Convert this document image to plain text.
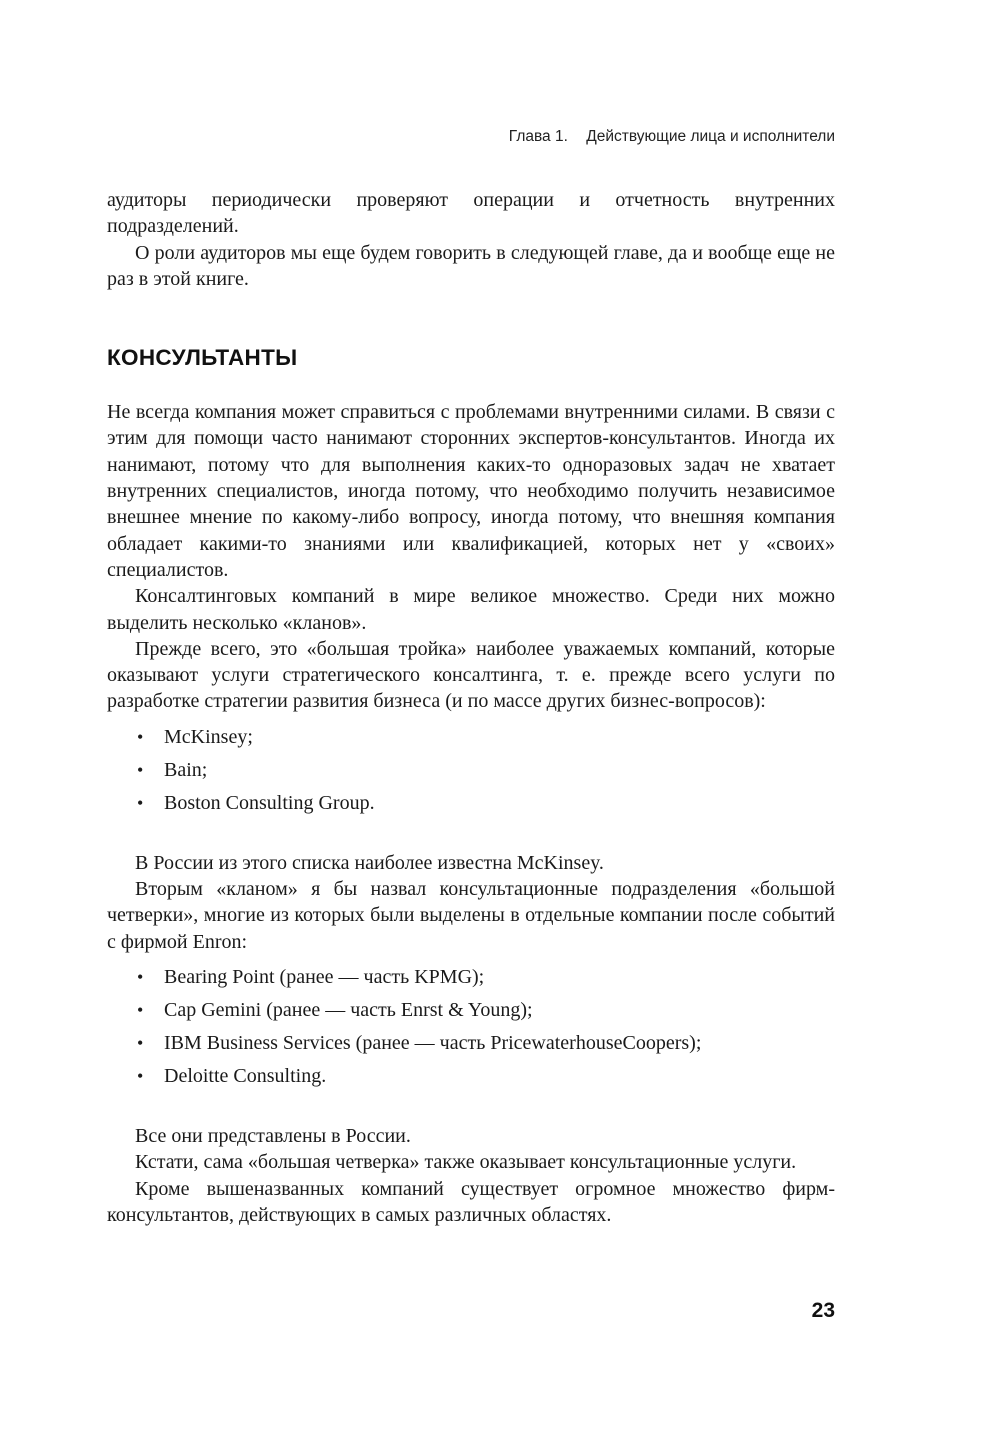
Глава 1. Действующие лица и исполнители

аудиторы периодически проверяют операции и отчетность внутренних подразделений.

О роли аудиторов мы еще будем говорить в следующей главе, да и вообще еще не раз в этой книге.

КОНСУЛЬТАНТЫ

Не всегда компания может справиться с проблемами внутренними силами. В связи с этим для помощи часто нанимают сторонних экспертов-консультантов. Иногда их нанимают, потому что для выполнения каких-то одноразовых задач не хватает внутренних специалистов, иногда потому, что необходимо получить независимое внешнее мнение по какому-либо вопросу, иногда потому, что внешняя компания обладает какими-то знаниями или квалификацией, которых нет у «своих» специалистов.

Консалтинговых компаний в мире великое множество. Среди них можно выделить несколько «кланов».

Прежде всего, это «большая тройка» наиболее уважаемых компаний, которые оказывают услуги стратегического консалтинга, т. е. прежде всего услуги по разработке стратегии развития бизнеса (и по массе других бизнес-вопросов):

• McKinsey;
• Bain;
• Boston Consulting Group.

В России из этого списка наиболее известна McKinsey.

Вторым «кланом» я бы назвал консультационные подразделения «большой четверки», многие из которых были выделены в отдельные компании после событий с фирмой Enron:

• Bearing Point (ранее — часть KPMG);
• Cap Gemini (ранее — часть Enrst & Young);
• IBM Business Services (ранее — часть PricewaterhouseCoopers);
• Deloitte Consulting.

Все они представлены в России.

Кстати, сама «большая четверка» также оказывает консультационные услуги.

Кроме вышеназванных компаний существует огромное множество фирм-консультантов, действующих в самых различных областях.

23
